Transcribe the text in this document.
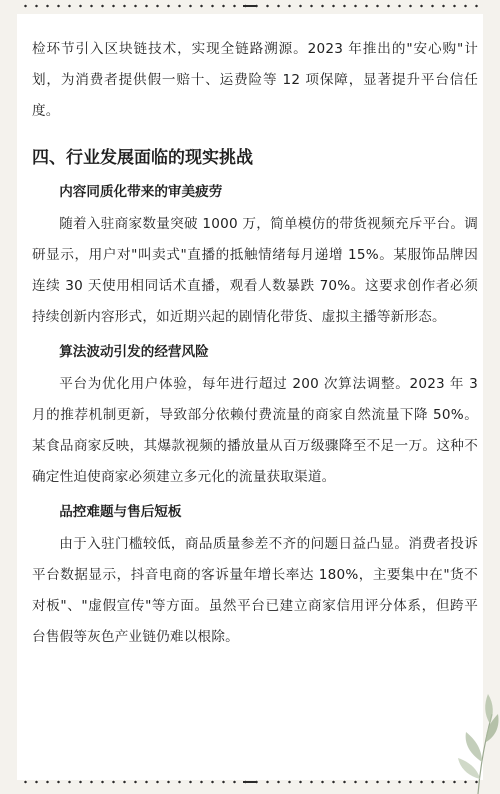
检环节引入区块链技术，实现全链路溯源。2023 年推出的"安心购"计划，为消费者提供假一赔十、运费险等 12 项保障，显著提升平台信任度。

四、行业发展面临的现实挑战
内容同质化带来的审美疲劳

随着入驻商家数量突破 1000 万，简单模仿的带货视频充斥平台。调研显示，用户对"叫卖式"直播的抵触情绪每月递增 15%。某服饰品牌因连续 30 天使用相同话术直播，观看人数暴跌 70%。这要求创作者必须持续创新内容形式，如近期兴起的剧情化带货、虚拟主播等新形态。

算法波动引发的经营风险

平台为优化用户体验，每年进行超过 200 次算法调整。2023 年 3 月的推荐机制更新，导致部分依赖付费流量的商家自然流量下降 50%。某食品商家反映，其爆款视频的播放量从百万级骤降至不足一万。这种不确定性迫使商家必须建立多元化的流量获取渠道。

品控难题与售后短板

由于入驻门槛较低，商品质量参差不齐的问题日益凸显。消费者投诉平台数据显示，抖音电商的客诉量年增长率达 180%，主要集中在"货不对板"、"虚假宣传"等方面。虽然平台已建立商家信用评分体系，但跨平台售假等灰色产业链仍难以根除。
